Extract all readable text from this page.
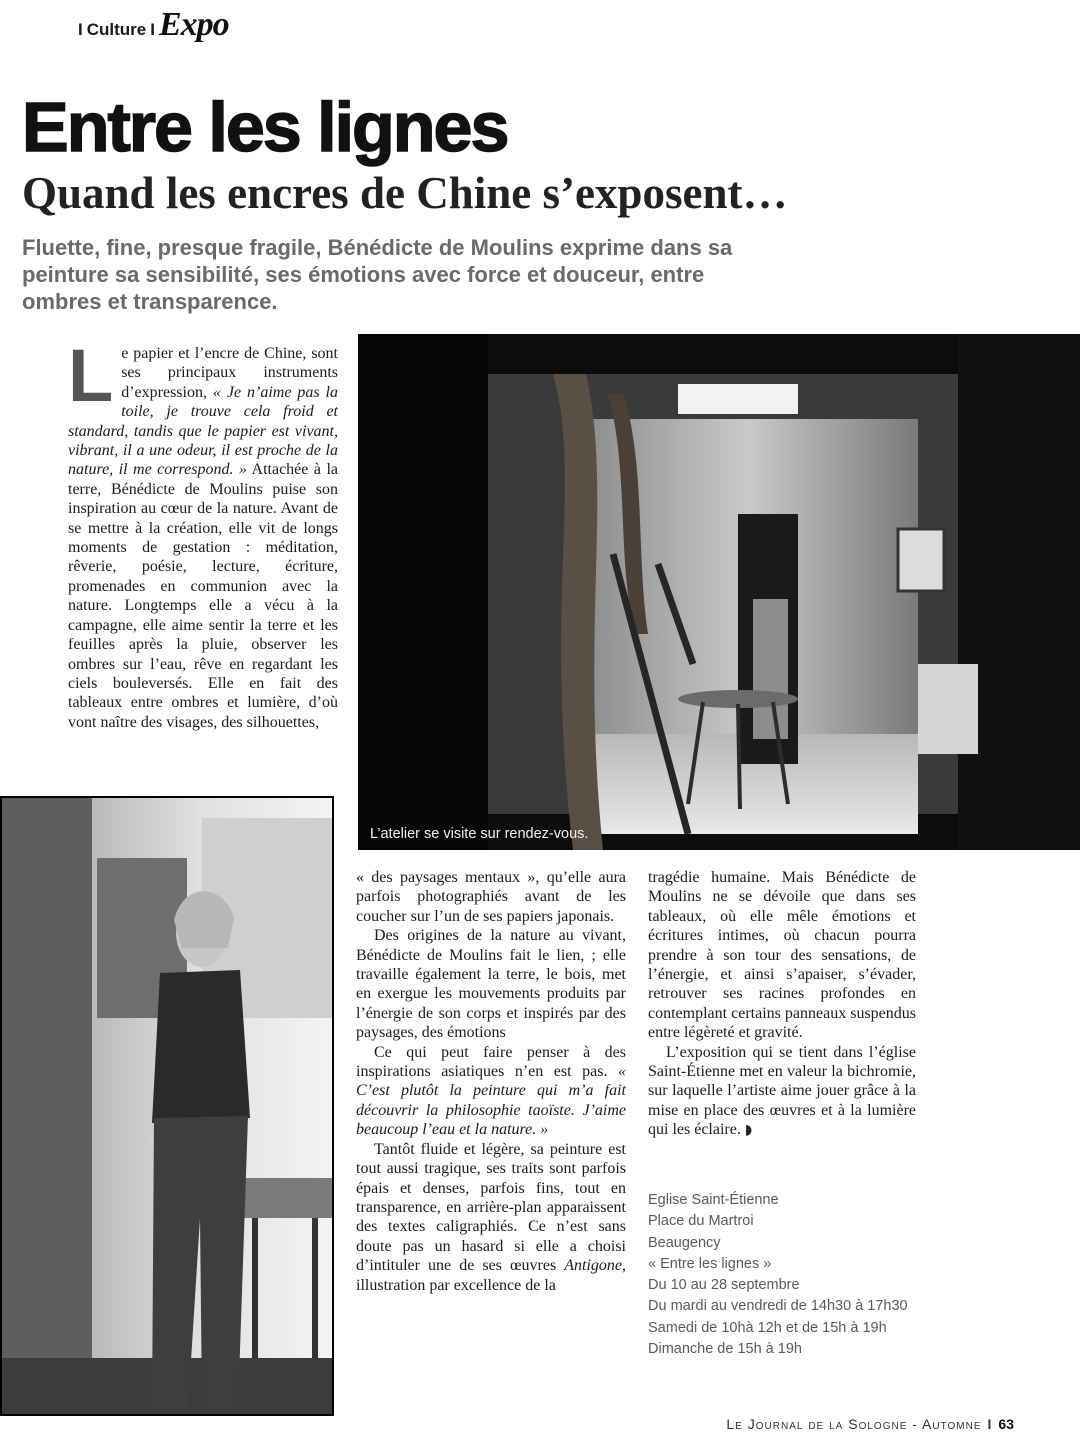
I Culture I Expo
Entre les lignes
Quand les encres de Chine s’exposent…

Fluette, fine, presque fragile, Bénédicte de Moulins exprime dans sa peinture sa sensibilité, ses émotions avec force et douceur, entre ombres et transparence.

Le papier et l’encre de Chine, sont ses principaux instruments d’expression, « Je n’aime pas la toile, je trouve cela froid et standard, tandis que le papier est vivant, vibrant, il a une odeur, il est proche de la nature, il me correspond. » Attachée à la terre, Bénédicte de Moulins puise son inspiration au cœur de la nature. Avant de se mettre à la création, elle vit de longs moments de gestation : méditation, rêverie, poésie, lecture, écriture, promenades en communion avec la nature. Longtemps elle a vécu à la campagne, elle aime sentir la terre et les feuilles après la pluie, observer les ombres sur l’eau, rêve en regardant les ciels bouleversés. Elle en fait des tableaux entre ombres et lumière, d’où vont naître des visages, des silhouettes,

L’atelier se visite sur rendez-vous.

« des paysages mentaux », qu’elle aura parfois photographiés avant de les coucher sur l’un de ses papiers japonais.

Des origines de la nature au vivant, Bénédicte de Moulins fait le lien, ; elle travaille également la terre, le bois, met en exergue les mouvements produits par l’énergie de son corps et inspirés par des paysages, des émotions

Ce qui peut faire penser à des inspirations asiatiques n’en est pas. « C’est plutôt la peinture qui m’a fait découvrir la philosophie taoïste. J’aime beaucoup l’eau et la nature. »

Tantôt fluide et légère, sa peinture est tout aussi tragique, ses traits sont parfois épais et denses, parfois fins, tout en transparence, en arrière-plan apparaissent des textes caligraphiés. Ce n’est sans doute pas un hasard si elle a choisi d’intituler une de ses œuvres Antigone, illustration par excellence de la

tragédie humaine. Mais Bénédicte de Moulins ne se dévoile que dans ses tableaux, où elle mêle émotions et écritures intimes, où chacun pourra prendre à son tour des sensations, de l’énergie, et ainsi s’apaiser, s’évader, retrouver ses racines profondes en contemplant certains panneaux suspendus entre légèreté et gravité.

L’exposition qui se tient dans l’église Saint-Étienne met en valeur la bichromie, sur laquelle l’artiste aime jouer grâce à la mise en place des œuvres et à la lumière qui les éclaire. ◗

Eglise Saint-Étienne
Place du Martroi
Beaugency
« Entre les lignes »
Du 10 au 28 septembre
Du mardi au vendredi de 14h30 à 17h30
Samedi de 10hà 12h et de 15h à 19h
Dimanche de 15h à 19h
Le Journal de la Sologne - Automne I 63
